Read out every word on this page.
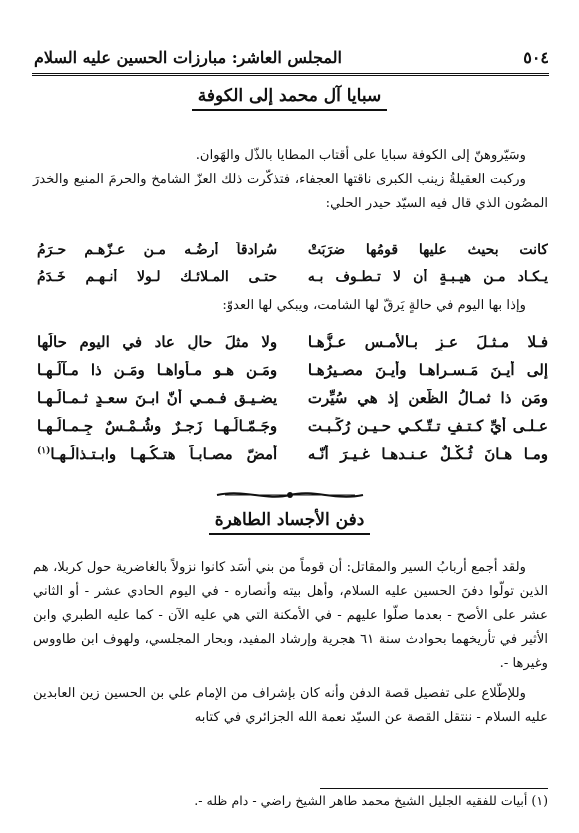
٥٠٤
المجلس العاشر: مبارزات الحسين عليه السلام
سبايا آل محمد إلى الكوفة

وسَيّروهنّ إلى الكوفة سبايا على أقتاب المطايا بالذّل والهَوان.

وركبت العقيلةُ زينب الكبرى ناقتها العجفاء، فتذكّرت ذلك العزّ الشامخ والحرمَ المنيع والخدرَ المصُون الذي قال فيه السيّد حيدر الحلي:

كانت بحيث عليها قومُها ضرَبَتْ
سُرادقاً أرضُـه مـن عـزّهـم حـرَمُ
يـكـاد مـن هيـبـةٍ أن لا تـطـوف بـه
حتـى المـلائـك لـولا أنـهـم خَـدَمُ

وإذا بها اليوم في حالةٍ يَرقّ لها الشامت، ويبكي لها العدوّ:

فـلا مـثـلَ عـزٍ بـالأمـسِ عـزُّهـا
ولا مثلَ حالٍ عاد في اليوم حالُها
إلى أيـنَ مَـسـراهـا وأيـنَ مصـيرُهـا
ومَـن هـو مـأواهـا ومَـن ذا مـآلُـهـا
ومَن ذا ثمـالُ الظّعن إذ هي سُيِّرت
يضـيـق فـمـي أنّ ابـنَ سعـدٍ ثـمـالُـهـا
عـلـى أيِّ كـتـفٍ تـتّـكـي حـيـن رُكِّـبـت
وجَـمّـالُـهـا زَجـرٌ وشُـمْـسٌ جِـمـالُـهـا
ومـا هـانَ ثُـكْـلٌ عـنـدهـا غـيـرَ أنّـه
أمضّ مصـابـاً هتـكُـهـا وابـتـذالُـهـا$^{(١)}$
دفن الأجساد الطاهرة

ولقد أجمع أربابُ السير والمقاتل: أن قوماً من بني أسَد كانوا نزولاً بالغاضرية حول كربلا، هم الذين تولّوا دفنَ الحسين عليه السلام، وأهل بيته وأنصاره - في اليوم الحادي عشر - أو الثاني عشر على الأصح - بعدما صلّوا عليهم - في الأمكنة التي هي عليه الآن - كما عليه الطبري وابن الأثير في تأريخهما بحوادث سنة ٦١ هجرية وإرشاد المفيد، وبحار المجلسي، ولهوف ابن طاووس وغيرها -.

وللإطّلاع على تفصيل قصة الدفن وأنه كان بإشراف من الإمام علي بن الحسين زين العابدين عليه السلام - ننتقل القصة عن السيّد نعمة الله الجزائري في كتابه

(١) أبيات للفقيه الجليل الشيخ محمد طاهر الشيخ راضي - دام ظله -.
